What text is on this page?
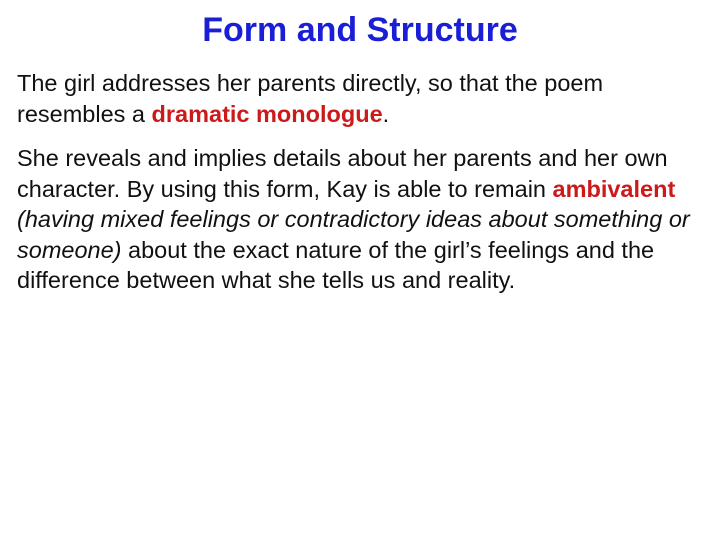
Form and Structure

The girl addresses her parents directly, so that the poem resembles a dramatic monologue.

She reveals and implies details about her parents and her own character. By using this form, Kay is able to remain ambivalent (having mixed feelings or contradictory ideas about something or someone) about the exact nature of the girl’s feelings and the difference between what she tells us and reality.
